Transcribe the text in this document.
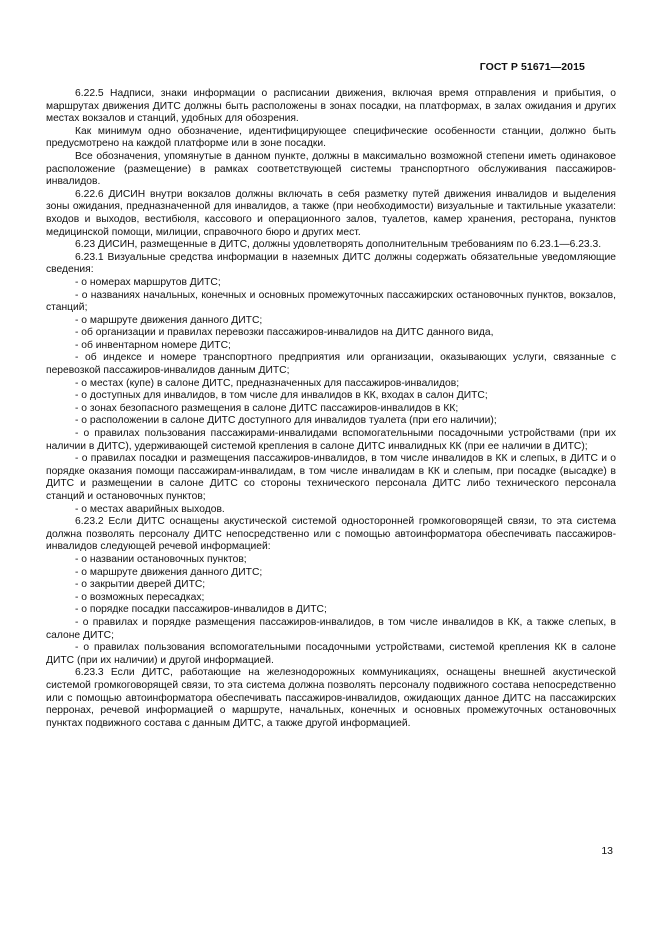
ГОСТ Р 51671—2015

6.22.5 Надписи, знаки информации о расписании движения, включая время отправления и прибытия, о маршрутах движения ДИТС должны быть расположены в зонах посадки, на платформах, в залах ожидания и других местах вокзалов и станций, удобных для обозрения.

Как минимум одно обозначение, идентифицирующее специфические особенности станции, должно быть предусмотрено на каждой платформе или в зоне посадки.

Все обозначения, упомянутые в данном пункте, должны в максимально возможной степени иметь одинаковое расположение (размещение) в рамках соответствующей системы транспортного обслуживания пассажиров-инвалидов.

6.22.6 ДИСИН внутри вокзалов должны включать в себя разметку путей движения инвалидов и выделения зоны ожидания, предназначенной для инвалидов, а также (при необходимости) визуальные и тактильные указатели: входов и выходов, вестибюля, кассового и операционного залов, туалетов, камер хранения, ресторана, пунктов медицинской помощи, милиции, справочного бюро и других мест.

6.23 ДИСИН, размещенные в ДИТС, должны удовлетворять дополнительным требованиям по 6.23.1—6.23.3.

6.23.1 Визуальные средства информации в наземных ДИТС должны содержать обязательные уведомляющие сведения:

- о номерах маршрутов ДИТС;

- о названиях начальных, конечных и основных промежуточных пассажирских остановочных пунктов, вокзалов, станций;

- о маршруте движения данного ДИТС;

- об организации и правилах перевозки пассажиров-инвалидов на ДИТС данного вида,

- об инвентарном номере ДИТС;

- об индексе и номере транспортного предприятия или организации, оказывающих услуги, связанные с перевозкой пассажиров-инвалидов данным ДИТС;

- о местах (купе) в салоне ДИТС, предназначенных для пассажиров-инвалидов;

- о доступных для инвалидов, в том числе для инвалидов в КК, входах в салон ДИТС;

- о зонах безопасного размещения в салоне ДИТС пассажиров-инвалидов в КК;

- о расположении в салоне ДИТС доступного для инвалидов туалета (при его наличии);

- о правилах пользования пассажирами-инвалидами вспомогательными посадочными устройствами (при их наличии в ДИТС), удерживающей системой крепления в салоне ДИТС инвалидных КК (при ее наличии в ДИТС);

- о правилах посадки и размещения пассажиров-инвалидов, в том числе инвалидов в КК и слепых, в ДИТС и о порядке оказания помощи пассажирам-инвалидам, в том числе инвалидам в КК и слепым, при посадке (высадке) в ДИТС и размещении в салоне ДИТС со стороны технического персонала ДИТС либо технического персонала станций и остановочных пунктов;

- о местах аварийных выходов.

6.23.2 Если ДИТС оснащены акустической системой односторонней громкоговорящей связи, то эта система должна позволять персоналу ДИТС непосредственно или с помощью автоинформатора обеспечивать пассажиров-инвалидов следующей речевой информацией:

- о названии остановочных пунктов;

- о маршруте движения данного ДИТС;

- о закрытии дверей ДИТС;

- о возможных пересадках;

- о порядке посадки пассажиров-инвалидов в ДИТС;

- о правилах и порядке размещения пассажиров-инвалидов, в том числе инвалидов в КК, а также слепых, в салоне ДИТС;

- о правилах пользования вспомогательными посадочными устройствами, системой крепления КК в салоне ДИТС (при их наличии) и другой информацией.

6.23.3 Если ДИТС, работающие на железнодорожных коммуникациях, оснащены внешней акустической системой громкоговорящей связи, то эта система должна позволять персоналу подвижного состава непосредственно или с помощью автоинформатора обеспечивать пассажиров-инвалидов, ожидающих данное ДИТС на пассажирских перронах, речевой информацией о маршруте, начальных, конечных и основных промежуточных остановочных пунктах подвижного состава с данным ДИТС, а также другой информацией.

13
